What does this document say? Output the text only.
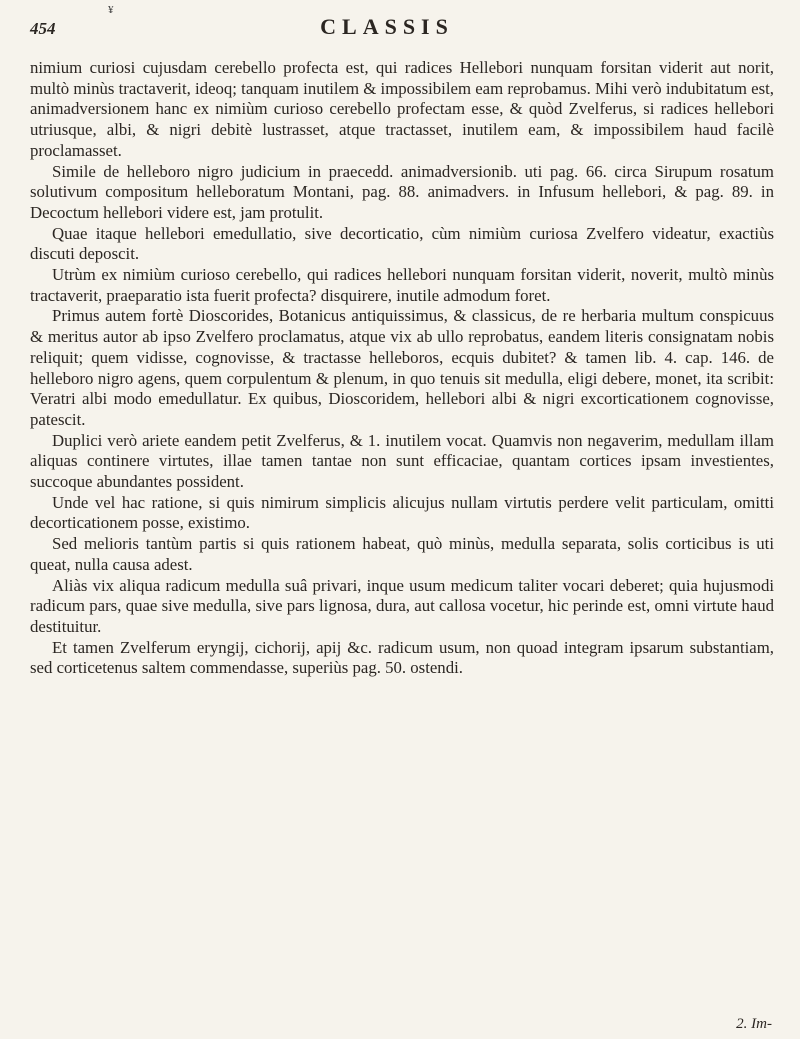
¥
454	CLASSIS

nimium curiosi cujusdam cerebello profecta est, qui radices Hellebori nunquam forsitan viderit aut norit, multò minùs tractaverit, ideoq; tanquam inutilem & impossibilem eam reprobamus. Mihi verò indubitatum est, animadversionem hanc ex nimiùm curioso cerebello profectam esse, & quòd Zvelferus, si radices hellebori utriusque, albi, & nigri debitè lustrasset, atque tractasset, inutilem eam, & impossibilem haud facilè proclamasset.

Simile de helleboro nigro judicium in praecedd. animadversionib. uti pag. 66. circa Sirupum rosatum solutivum compositum helleboratum Montani, pag. 88. animadvers. in Infusum hellebori, & pag. 89. in Decoctum hellebori videre est, jam protulit.

Quae itaque hellebori emedullatio, sive decorticatio, cùm nimiùm curiosa Zvelfero videatur, exactiùs discuti deposcit.

Utrùm ex nimiùm curioso cerebello, qui radices hellebori nunquam forsitan viderit, noverit, multò minùs tractaverit, praeparatio ista fuerit profecta? disquirere, inutile admodum foret.

Primus autem fortè Dioscorides, Botanicus antiquissimus, & classicus, de re herbaria multum conspicuus & meritus autor ab ipso Zvelfero proclamatus, atque vix ab ullo reprobatus, eandem literis consignatam nobis reliquit; quem vidisse, cognovisse, & tractasse helleboros, ecquis dubitet? & tamen lib. 4. cap. 146. de helleboro nigro agens, quem corpulentum & plenum, in quo tenuis sit medulla, eligi debere, monet, ita scribit: Veratri albi modo emedullatur. Ex quibus, Dioscoridem, hellebori albi & nigri excorticationem cognovisse, patescit.

Duplici verò ariete eandem petit Zvelferus, & 1. inutilem vocat. Quamvis non negaverim, medullam illam aliquas continere virtutes, illae tamen tantae non sunt efficaciae, quantam cortices ipsam investientes, succoque abundantes possident.

Unde vel hac ratione, si quis nimirum simplicis alicujus nullam virtutis perdere velit particulam, omitti decorticationem posse, existimo.

Sed melioris tantùm partis si quis rationem habeat, quò minùs, medulla separata, solis corticibus is uti queat, nulla causa adest.

Aliàs vix aliqua radicum medulla suâ privari, inque usum medicum taliter vocari deberet; quia hujusmodi radicum pars, quae sive medulla, sive pars lignosa, dura, aut callosa vocetur, hic perinde est, omni virtute haud destituitur.

Et tamen Zvelferum eryngij, cichorij, apij &c. radicum usum, non quoad integram ipsarum substantiam, sed corticetenus saltem commendasse, superiùs pag. 50. ostendi.

2. Im-
